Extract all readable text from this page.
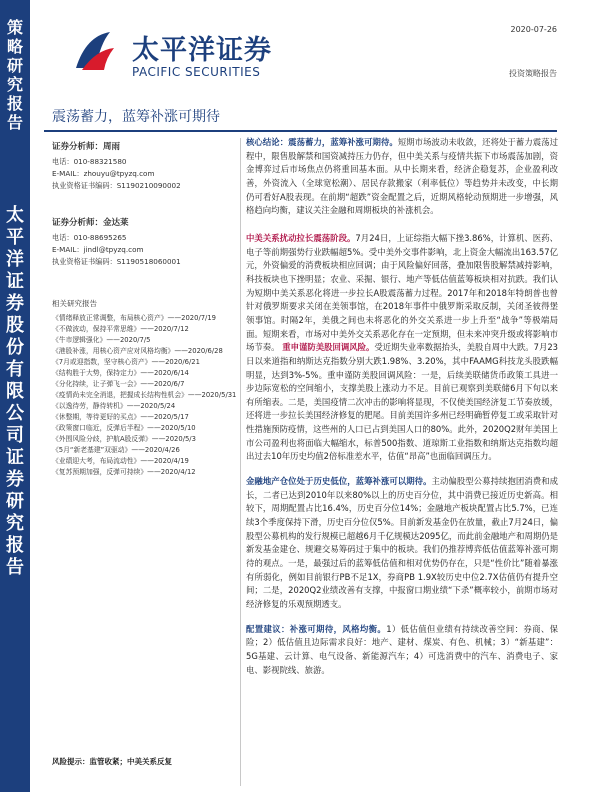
策略研究报告
太平洋证券股份有限公司证券研究报告
太平洋证券
PACIFIC SECURITIES
2020-07-26
投资策略报告
震荡蓄力，蓝筹补涨可期待
证券分析师：周雨
电话：010-88321580
E-MAIL：zhouyu@tpyzq.com
执业资格证书编码：S1190210090002
证券分析师：金达莱
电话：010-88695265
E-MAIL：jindl@tpyzq.com
执业资格证书编码：S1190518060001
相关研究报告
《情绪释放正常调整，布局核心资产》——2020/7/19
《不做波动，保持平常思维》——2020/7/12
《牛市逻辑强化》——2020/7/5
《港股补涨，用核心资产应对风格均衡》——2020/6/28
《7月或迎指数，坚守核心资产》——2020/6/21
《结构胜于大势，保持定力》——2020/6/14
《分化持续，让子弹飞一会》——2020/6/7
《疫情尚未完全消退，把握成长结构性机会》——2020/5/31
《以逸待劳，静待转机》——2020/5/24
《休整期，等待更好的买点》——2020/5/17
《政策窗口临近，反弹后半程》——2020/5/10
《外围风险分歧，护航A股反弹》——2020/5/3
《5月“新老基建”双驱动》——2020/4/26
《业绩迎大考，布局流动性》——2020/4/19
《复苏预期加强，反弹可持续》——2020/4/12
风险提示：监管收紧；中美关系反复

核心结论：震荡蓄力，蓝筹补涨可期待。短期市场波动未收敛，还将处于蓄力震荡过程中，限售股解禁和国资减持压力仍存，但中美关系与疫情共振下市场震荡加剧，资金博弈过后市场焦点仍将重回基本面。从中长期来看，经济企稳复苏，企业盈利改善，外资流入（全球宽松潮）、居民存款搬家（利率低位）等趋势并未改变，中长期仍可看好A股表现。在前期“超跌”资金配置之后，近期风格轮动预期进一步增强，风格趋向均衡，建议关注金融和周期板块的补涨机会。

中美关系扰动拉长震荡阶段。7月24日，上证综指大幅下挫3.86%，计算机、医药、电子等前期强势行业跌幅超5%。受中美外交事件影响，北上资金大幅流出163.57亿元，外资偏爱的消费板块相应回调；由于风险偏好回落，叠加限售股解禁减持影响，科技板块也下挫明显；农业、采掘、银行、地产等低估值蓝筹板块相对抗跌。我们认为短期中美关系恶化将进一步拉长A股震荡蓄力过程。2017年和2018年特朗普也曾针对俄罗斯要求关闭在美领事馆，在2018年事件中俄罗斯采取反制，关闭圣彼得堡领事馆。时隔2年，美俄之间也未将恶化的外交关系进一步上升至“战争”等极端局面。短期来看，市场对中美外交关系恶化存在一定预期，但未来冲突升级或将影响市场节奏。 重申谨防美股回调风险。受近期失业率数据抬头，美股自周中大跌。7月23日以来道指和纳斯达克指数分别大跌1.98%、3.20%，其中FAAMG科技龙头股跌幅明显，达到3%-5%。重申谨防美股回调风险：一是，后续美联储货币政策工具进一步边际宽松的空间缩小，支撑美股上涨动力不足。目前已观察到美联储6月下旬以来有所缩表。二是，美国疫情二次冲击的影响将显现，不仅使美国经济复工节奏放缓，还将进一步拉长美国经济修复的肥尾。目前美国许多州已经明确暂停复工或采取针对性措施预防疫情，这些州的人口已占到美国人口的80%。此外，2020Q2财年美国上市公司盈利也将面临大幅缩水，标普500指数、道琼斯工业指数和纳斯达克指数均超出过去10年历史均值2倍标准差水平，估值“昂高”也面临回调压力。

金融地产仓位处于历史低位，蓝筹补涨可以期待。主动偏股型公募持续抱团消费和成长，二者已达到2010年以来80%以上的历史百分位，其中消费已接近历史新高。相较下，周期配置占比16.4%，历史百分位14%；金融地产板块配置占比5.7%，已连续3个季度保持下滑，历史百分位仅5%。目前新发基金仍在放量，截止7月24日，偏股型公募机构的发行规模已超越6月千亿规模达2095亿，而此前金融地产和周期仍是新发基金建仓、规避交易筹码过于集中的板块。我们仍推荐博弈低估值蓝筹补涨可期待的观点。一是，最强过后的蓝筹低估值和相对优势仍存在，只是“性价比”随着暴涨有所弱化，例如目前银行PB不足1X，券商PB 1.9X较历史中位2.7X估值仍有提升空间；二是，2020Q2业绩改善有支撑，中报窗口期业绩“下杀”概率较小，前期市场对经济修复的乐观预期透支。

配置建议：补涨可期待，风格均衡。1）低估值但业绩有持续改善空间：券商、保险；2）低估值且边际需求良好：地产、建材、煤炭、有色、机械；3）“新基建”：5G基建、云计算、电气设备、新能源汽车；4）可选消费中的汽车、消费电子、家电、影视院线、旅游。
